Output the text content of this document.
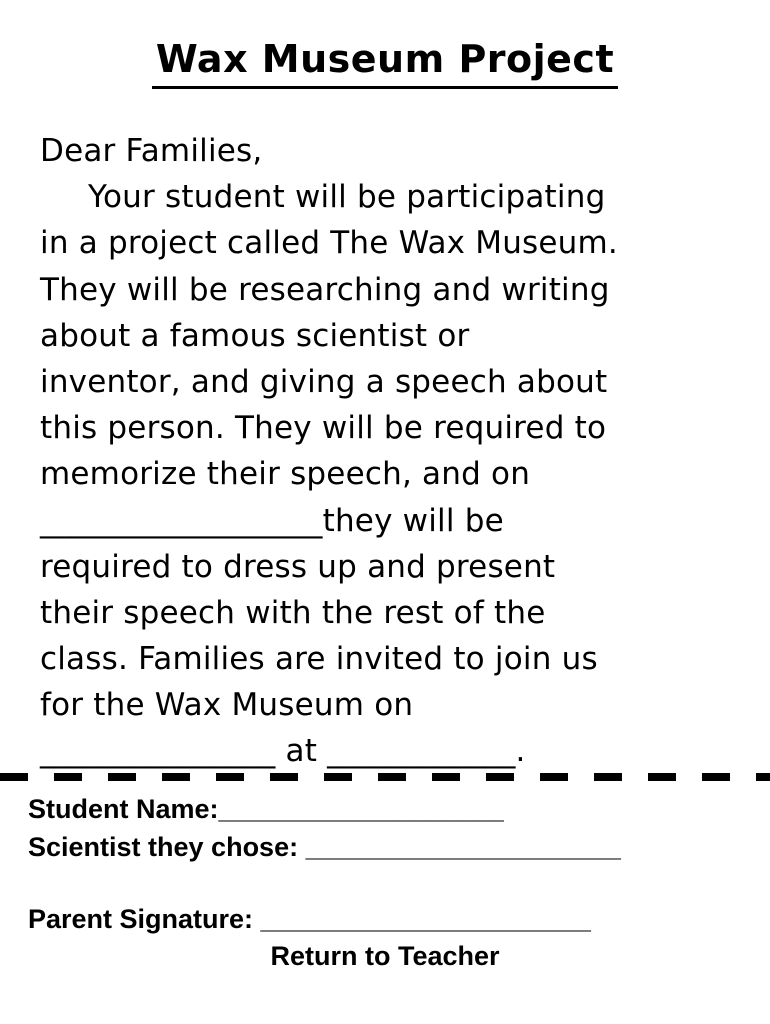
Wax Museum Project
Dear Families,
Your student will be participating
in a project called The Wax Museum.
They will be researching and writing
about a famous scientist or
inventor, and giving a speech about
this person. They will be required to
memorize their speech, and on
__________________they will be
required to dress up and present
their speech with the rest of the
class. Families are invited to join us
for the Wax Museum on
_______________ at ____________.
Student Name:___________________
Scientist they chose: _____________________
Parent Signature: ______________________
Return to Teacher
